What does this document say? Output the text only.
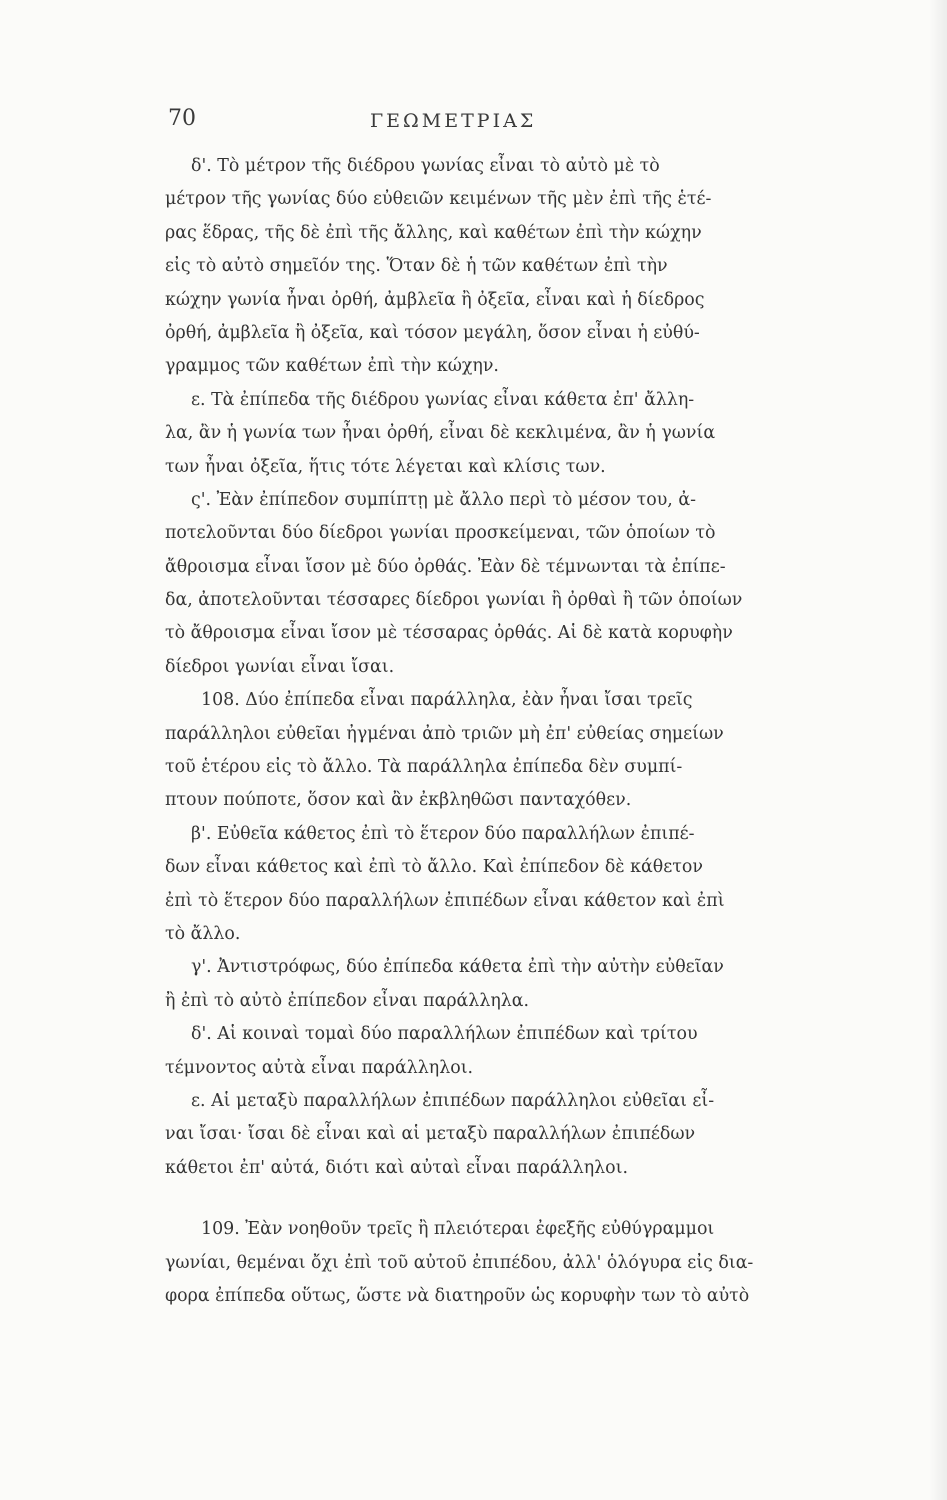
70	ΓΕΩΜΕΤΡΙΑΣ
δ'. Τὸ μέτρον τῆς διέδρου γωνίας εἶναι τὸ αὐτὸ μὲ τὸ
μέτρον τῆς γωνίας δύο εὐθειῶν κειμένων τῆς μὲν ἐπὶ τῆς ἑτέ-
ρας ἕδρας, τῆς δὲ ἐπὶ τῆς ἄλλης, καὶ καθέτων ἐπὶ τὴν κώχην
εἰς τὸ αὐτὸ σημεῖόν της. Ὅταν δὲ ἡ τῶν καθέτων ἐπὶ τὴν
κώχην γωνία ἦναι ὀρθή, ἀμβλεῖα ἢ ὀξεῖα, εἶναι καὶ ἡ δίεδρος
ὀρθή, ἀμβλεῖα ἢ ὀξεῖα, καὶ τόσον μεγάλη, ὅσον εἶναι ἡ εὐθύ-
γραμμος τῶν καθέτων ἐπὶ τὴν κώχην.
ε. Τὰ ἐπίπεδα τῆς διέδρου γωνίας εἶναι κάθετα ἐπ' ἄλλη-
λα, ἂν ἡ γωνία των ἦναι ὀρθή, εἶναι δὲ κεκλιμένα, ἂν ἡ γωνία
των ἦναι ὀξεῖα, ἥτις τότε λέγεται καὶ κλίσις των.
ς'. Ἐὰν ἐπίπεδον συμπίπτῃ μὲ ἄλλο περὶ τὸ μέσον του, ἀ-
ποτελοῦνται δύο δίεδροι γωνίαι προσκείμεναι, τῶν ὁποίων τὸ
ἄθροισμα εἶναι ἴσον μὲ δύο ὀρθάς. Ἐὰν δὲ τέμνωνται τὰ ἐπίπε-
δα, ἀποτελοῦνται τέσσαρες δίεδροι γωνίαι ἢ ὀρθαὶ ἢ τῶν ὁποίων
τὸ ἄθροισμα εἶναι ἴσον μὲ τέσσαρας ὀρθάς. Αἱ δὲ κατὰ κορυφὴν
δίεδροι γωνίαι εἶναι ἴσαι.
108. Δύο ἐπίπεδα εἶναι παράλληλα, ἐὰν ἦναι ἴσαι τρεῖς
παράλληλοι εὐθεῖαι ἠγμέναι ἀπὸ τριῶν μὴ ἐπ' εὐθείας σημείων
τοῦ ἑτέρου εἰς τὸ ἄλλο. Τὰ παράλληλα ἐπίπεδα δὲν συμπί-
πτουν πούποτε, ὅσον καὶ ἂν ἐκβληθῶσι πανταχόθεν.
β'. Εὐθεῖα κάθετος ἐπὶ τὸ ἕτερον δύο παραλλήλων ἐπιπέ-
δων εἶναι κάθετος καὶ ἐπὶ τὸ ἄλλο. Καὶ ἐπίπεδον δὲ κάθετον
ἐπὶ τὸ ἕτερον δύο παραλλήλων ἐπιπέδων εἶναι κάθετον καὶ ἐπὶ
τὸ ἄλλο.
γ'. Ἀντιστρόφως, δύο ἐπίπεδα κάθετα ἐπὶ τὴν αὐτὴν εὐθεῖαν
ἢ ἐπὶ τὸ αὐτὸ ἐπίπεδον εἶναι παράλληλα.
δ'. Αἱ κοιναὶ τομαὶ δύο παραλλήλων ἐπιπέδων καὶ τρίτου
τέμνοντος αὐτὰ εἶναι παράλληλοι.
ε. Αἱ μεταξὺ παραλλήλων ἐπιπέδων παράλληλοι εὐθεῖαι εἶ-
ναι ἴσαι· ἴσαι δὲ εἶναι καὶ αἱ μεταξὺ παραλλήλων ἐπιπέδων
κάθετοι ἐπ' αὐτά, διότι καὶ αὐταὶ εἶναι παράλληλοι.
109. Ἐὰν νοηθοῦν τρεῖς ἢ πλειότεραι ἐφεξῆς εὐθύγραμμοι
γωνίαι, θεμέναι ὄχι ἐπὶ τοῦ αὐτοῦ ἐπιπέδου, ἀλλ' ὁλόγυρα εἰς δια-
φορα ἐπίπεδα οὕτως, ὥστε νὰ διατηροῦν ὡς κορυφὴν των τὸ αὐτὸ
